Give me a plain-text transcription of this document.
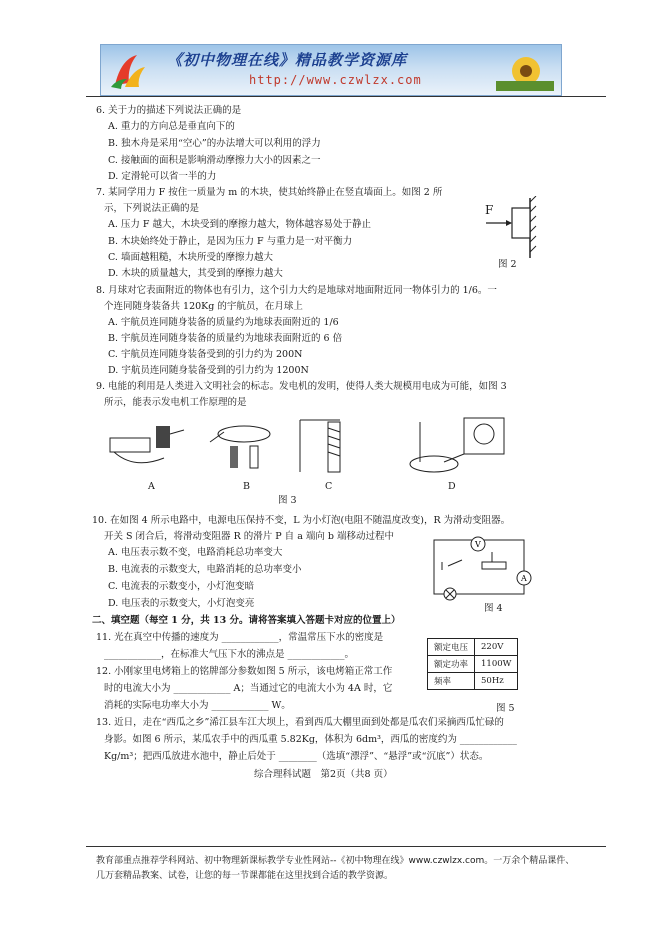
《初中物理在线》精品教学资源库
http://www.czwlzx.com
6. 关于力的描述下列说法正确的是
A. 重力的方向总是垂直向下的
B. 独木舟是采用“空心”的办法增大可以利用的浮力
C. 接触面的面积是影响滑动摩擦力大小的因素之一
D. 定滑轮可以省一半的力
7. 某同学用力 F 按住一质量为 m 的木块，使其始终静止在竖直墙面上。如图 2 所
示，下列说法正确的是
A. 压力 F 越大，木块受到的摩擦力越大，物体越容易处于静止
B. 木块始终处于静止，是因为压力 F 与重力是一对平衡力
C. 墙面越粗糙，木块所受的摩擦力越大
D. 木块的质量越大，其受到的摩擦力越大
F
图 2
8. 月球对它表面附近的物体也有引力，这个引力大约是地球对地面附近同一物体引力的 1/6。一
个连同随身装备共 120Kg 的宇航员，在月球上
A. 宇航员连同随身装备的质量约为地球表面附近的 1/6
B. 宇航员连同随身装备的质量约为地球表面附近的 6 倍
C. 宇航员连同随身装备受到的引力约为 200N
D. 宇航员连同随身装备受到的引力约为 1200N
9. 电能的利用是人类进入文明社会的标志。发电机的发明，使得人类大规模用电成为可能，如图 3
所示，能表示发电机工作原理的是
A	B	C	D
图 3
10. 在如图 4 所示电路中，电源电压保持不变，L 为小灯泡(电阻不随温度改变)，R 为滑动变阻器。
开关 S 闭合后，将滑动变阻器 R 的滑片 P 自 a 端向 b 端移动过程中
A. 电压表示数不变，电路消耗总功率变大
B. 电流表的示数变大，电路消耗的总功率变小
C. 电流表的示数变小，小灯泡变暗
D. 电压表的示数变大，小灯泡变亮
V
A
图 4
二、填空题（每空 1 分，共 13 分。请将答案填入答题卡对应的位置上）
11. 光在真空中传播的速度为 ____________，常温常压下水的密度是
____________，在标准大气压下水的沸点是 ____________。
12. 小刚家里电烤箱上的铭牌部分参数如图 5 所示，该电烤箱正常工作
时的电流大小为 ____________ A；当通过它的电流大小为 4A 时，它
消耗的实际电功率大小为 ____________ W。
额定电压	220V
额定功率	1100W
频率	50Hz
图 5
13. 近日，走在“西瓜之乡”浠江县车江大坝上，看到西瓜大棚里面到处都是瓜农们采摘西瓜忙碌的
身影。如图 6 所示，某瓜农手中的西瓜重 5.82Kg，体积为 6dm³，西瓜的密度约为 ____________
Kg/m³；把西瓜放进水池中，静止后处于 ________（选填“漂浮”、“悬浮”或“沉底”）状态。
综合理科试题　第2页（共8 页）
教育部重点推荐学科网站、初中物理新课标教学专业性网站--《初中物理在线》www.czwlzx.com。一万余个精品课件、几万套精品教案、试卷，让您的每一节课都能在这里找到合适的教学资源。
